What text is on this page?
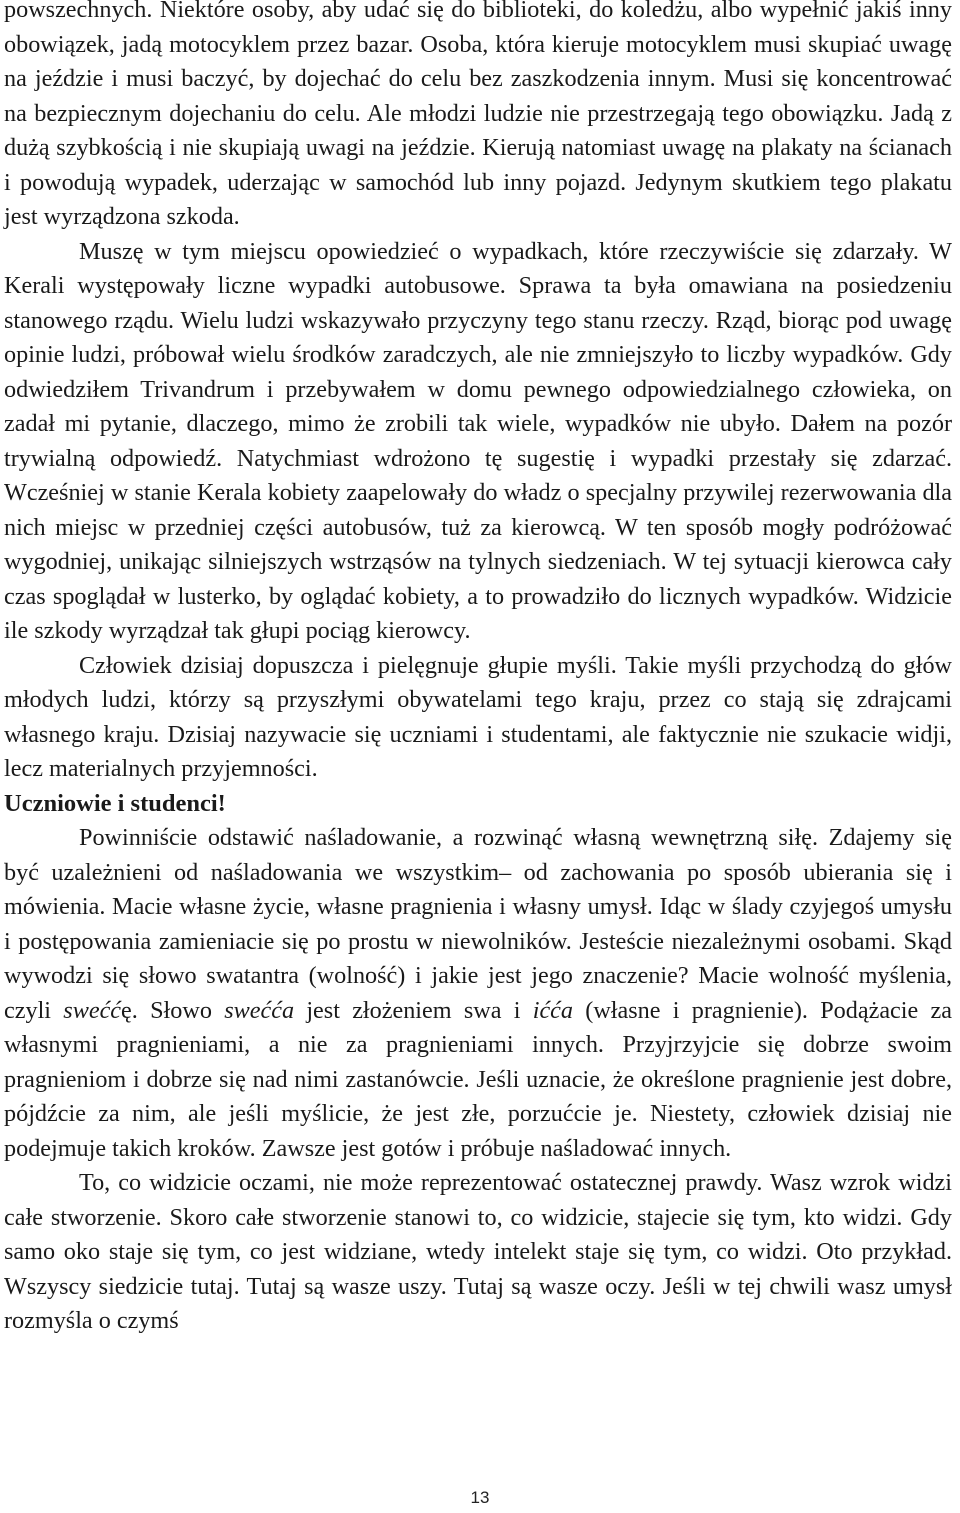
powszechnych. Niektóre osoby, aby udać się do biblioteki, do koledżu, albo wypełnić jakiś inny obowiązek, jadą motocyklem przez bazar. Osoba, która kieruje motocyklem musi skupiać uwagę na jeździe i musi baczyć, by dojechać do celu bez zaszkodzenia innym. Musi się koncentrować na bezpiecznym dojechaniu do celu. Ale młodzi ludzie nie przestrzegają tego obowiązku. Jadą z dużą szybkością i nie skupiają uwagi na jeździe. Kierują natomiast uwagę na plakaty na ścianach i powodują wypadek, uderzając w samochód lub inny pojazd. Jedynym skutkiem tego plakatu jest wyrządzona szkoda.

Muszę w tym miejscu opowiedzieć o wypadkach, które rzeczywiście się zdarzały. W Kerali występowały liczne wypadki autobusowe. Sprawa ta była omawiana na posiedzeniu stanowego rządu. Wielu ludzi wskazywało przyczyny tego stanu rzeczy. Rząd, biorąc pod uwagę opinie ludzi, próbował wielu środków zaradczych, ale nie zmniejszyło to liczby wypadków. Gdy odwiedziłem Trivandrum i przebywałem w domu pewnego odpowiedzialnego człowieka, on zadał mi pytanie, dlaczego, mimo że zrobili tak wiele, wypadków nie ubyło. Dałem na pozór trywialną odpowiedź. Natychmiast wdrożono tę sugestię i wypadki przestały się zdarzać. Wcześniej w stanie Kerala kobiety zaapelowały do władz o specjalny przywilej rezerwowania dla nich miejsc w przedniej części autobusów, tuż za kierowcą. W ten sposób mogły podróżować wygodniej, unikając silniejszych wstrząsów na tylnych siedzeniach. W tej sytuacji kierowca cały czas spoglądał w lusterko, by oglądać kobiety, a to prowadziło do licznych wypadków. Widzicie ile szkody wyrządzał tak głupi pociąg kierowcy.

Człowiek dzisiaj dopuszcza i pielęgnuje głupie myśli. Takie myśli przychodzą do głów młodych ludzi, którzy są przyszłymi obywatelami tego kraju, przez co stają się zdrajcami własnego kraju. Dzisiaj nazywacie się uczniami i studentami, ale faktycznie nie szukacie widji, lecz materialnych przyjemności.

Uczniowie i studenci!

Powinniście odstawić naśladowanie, a rozwinąć własną wewnętrzną siłę. Zdajemy się być uzależnieni od naśladowania we wszystkim– od zachowania po sposób ubierania się i mówienia. Macie własne życie, własne pragnienia i własny umysł. Idąc w ślady czyjegoś umysłu i postępowania zamieniacie się po prostu w niewolników. Jesteście niezależnymi osobami. Skąd wywodzi się słowo swatantra (wolność) i jakie jest jego znaczenie? Macie wolność myślenia, czyli sweććę. Słowo swećća jest złożeniem swa i ićća (własne i pragnienie). Podążacie za własnymi pragnieniami, a nie za pragnieniami innych. Przyjrzyjcie się dobrze swoim pragnieniom i dobrze się nad nimi zastanówcie. Jeśli uznacie, że określone pragnienie jest dobre, pójdźcie za nim, ale jeśli myślicie, że jest złe, porzućcie je. Niestety, człowiek dzisiaj nie podejmuje takich kroków. Zawsze jest gotów i próbuje naśladować innych.

To, co widzicie oczami, nie może reprezentować ostatecznej prawdy. Wasz wzrok widzi całe stworzenie. Skoro całe stworzenie stanowi to, co widzicie, stajecie się tym, kto widzi. Gdy samo oko staje się tym, co jest widziane, wtedy intelekt staje się tym, co widzi. Oto przykład. Wszyscy siedzicie tutaj. Tutaj są wasze uszy. Tutaj są wasze oczy. Jeśli w tej chwili wasz umysł rozmyśla o czymś

13
